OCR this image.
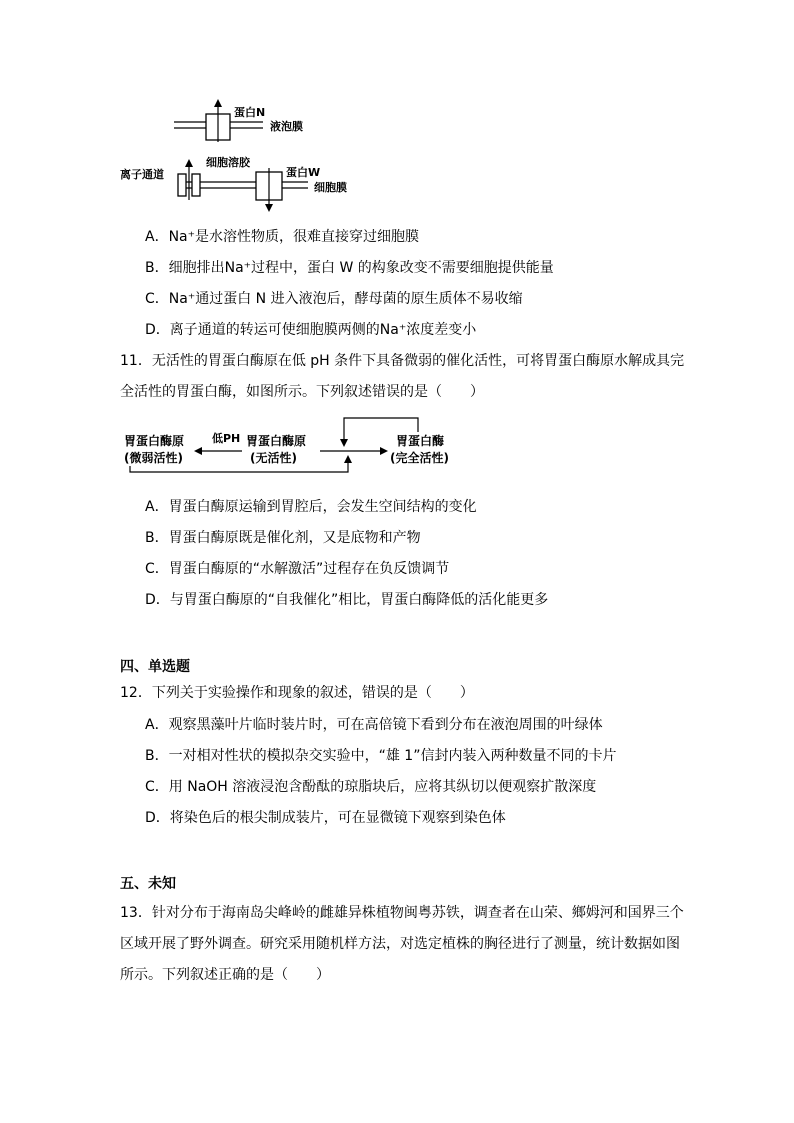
蛋白N
液泡膜
细胞溶胶
离子通道	蛋白W
细胞膜
A．Na⁺是水溶性物质，很难直接穿过细胞膜
B．细胞排出Na⁺过程中，蛋白 W 的构象改变不需要细胞提供能量
C．Na⁺通过蛋白 N 进入液泡后，酵母菌的原生质体不易收缩
D．离子通道的转运可使细胞膜两侧的Na⁺浓度差变小
11．无活性的胃蛋白酶原在低 pH 条件下具备微弱的催化活性，可将胃蛋白酶原水解成具完
全活性的胃蛋白酶，如图所示。下列叙述错误的是（　　）
胃蛋白酶原
(微弱活性)
低PH 胃蛋白酶原
(无活性)
胃蛋白酶
(完全活性)
A．胃蛋白酶原运输到胃腔后，会发生空间结构的变化
B．胃蛋白酶原既是催化剂，又是底物和产物
C．胃蛋白酶原的“水解激活”过程存在负反馈调节
D．与胃蛋白酶原的“自我催化”相比，胃蛋白酶降低的活化能更多
四、单选题
12．下列关于实验操作和现象的叙述，错误的是（　　）
A．观察黑藻叶片临时装片时，可在高倍镜下看到分布在液泡周围的叶绿体
B．一对相对性状的模拟杂交实验中，“雄 1”信封内装入两种数量不同的卡片
C．用 NaOH 溶液浸泡含酚酞的琼脂块后，应将其纵切以便观察扩散深度
D．将染色后的根尖制成装片，可在显微镜下观察到染色体
五、未知
13．针对分布于海南岛尖峰岭的雌雄异株植物闽粤苏铁，调查者在山荣、鄉姆河和国界三个
区域开展了野外调查。研究采用随机样方法，对选定植株的胸径进行了测量，统计数据如图
所示。下列叙述正确的是（　　）
